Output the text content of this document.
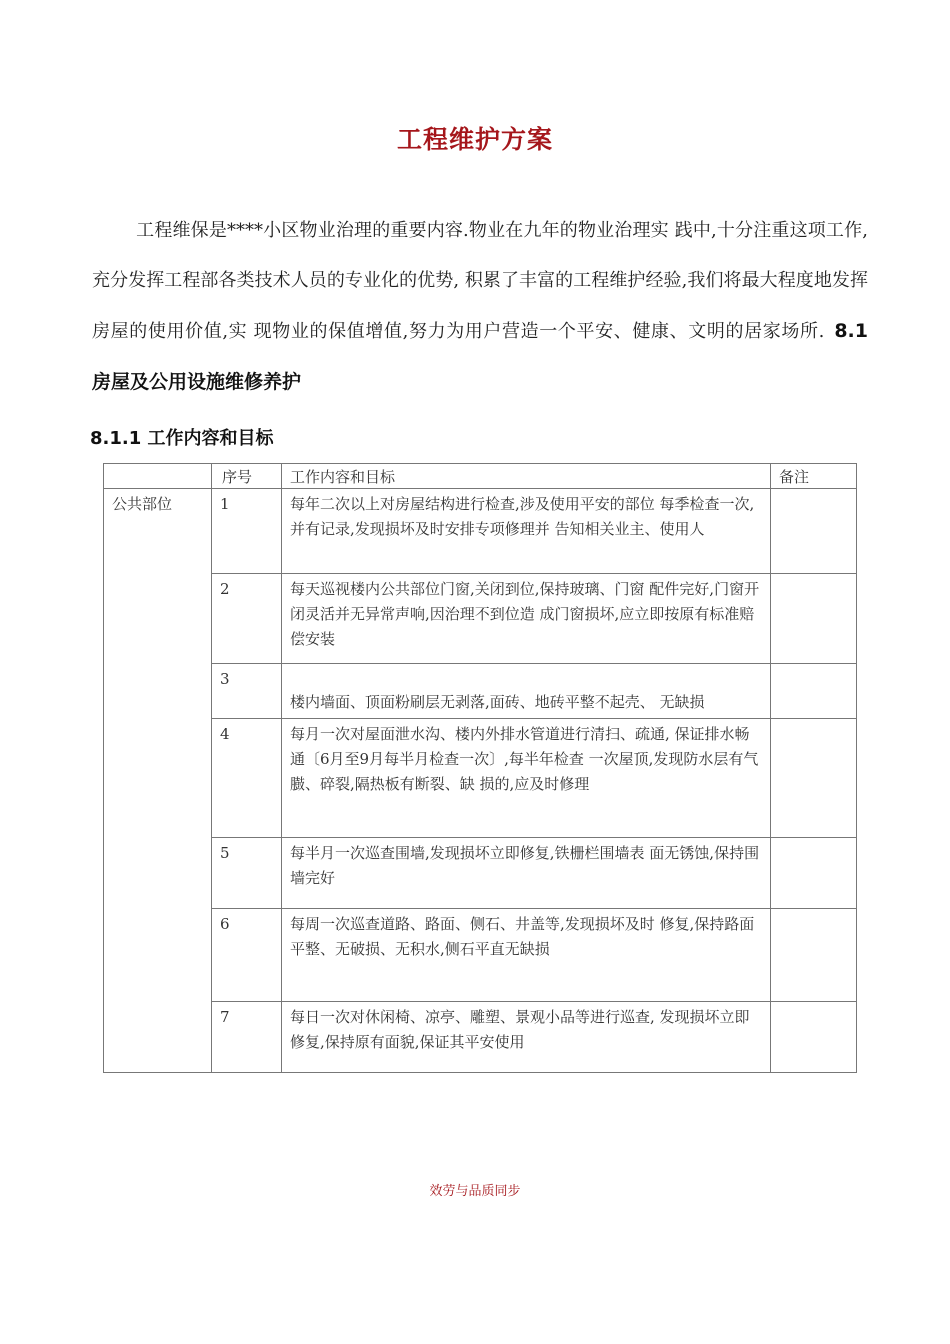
工程维护方案
工程维保是****小区物业治理的重要内容.物业在九年的物业治理实 践中,十分注重这项工作,充分发挥工程部各类技术人员的专业化的优势, 积累了丰富的工程维护经验,我们将最大程度地发挥房屋的使用价值,实 现物业的保值增值,努力为用户营造一个平安、健康、文明的居家场所. 8.1 房屋及公用设施维修养护
8.1.1 工作内容和目标
	序号	工作内容和目标	备注
公共部位	1	每年二次以上对房屋结构进行检查,涉及使用平安的部位 每季检查一次,并有记录,发现损坏及时安排专项修理并 告知相关业主、使用人	
	2	每天巡视楼内公共部位门窗,关闭到位,保持玻璃、门窗 配件完好,门窗开闭灵活并无异常声响,因治理不到位造 成门窗损坏,应立即按原有标准赔偿安装	
	3	楼内墙面、顶面粉刷层无剥落,面砖、地砖平整不起壳、 无缺损	
	4	每月一次对屋面泄水沟、楼内外排水管道进行清扫、疏通, 保证排水畅通〔6月至9月每半月检查一次〕,每半年检查 一次屋顶,发现防水层有气臌、碎裂,隔热板有断裂、缺 损的,应及时修理	
	5	每半月一次巡查围墙,发现损坏立即修复,铁栅栏围墙表 面无锈蚀,保持围墙完好	
	6	每周一次巡查道路、路面、侧石、井盖等,发现损坏及时 修复,保持路面平整、无破损、无积水,侧石平直无缺损	
	7	每日一次对休闲椅、凉亭、雕塑、景观小品等进行巡查, 发现损坏立即修复,保持原有面貌,保证其平安使用	
效劳与品质同步
